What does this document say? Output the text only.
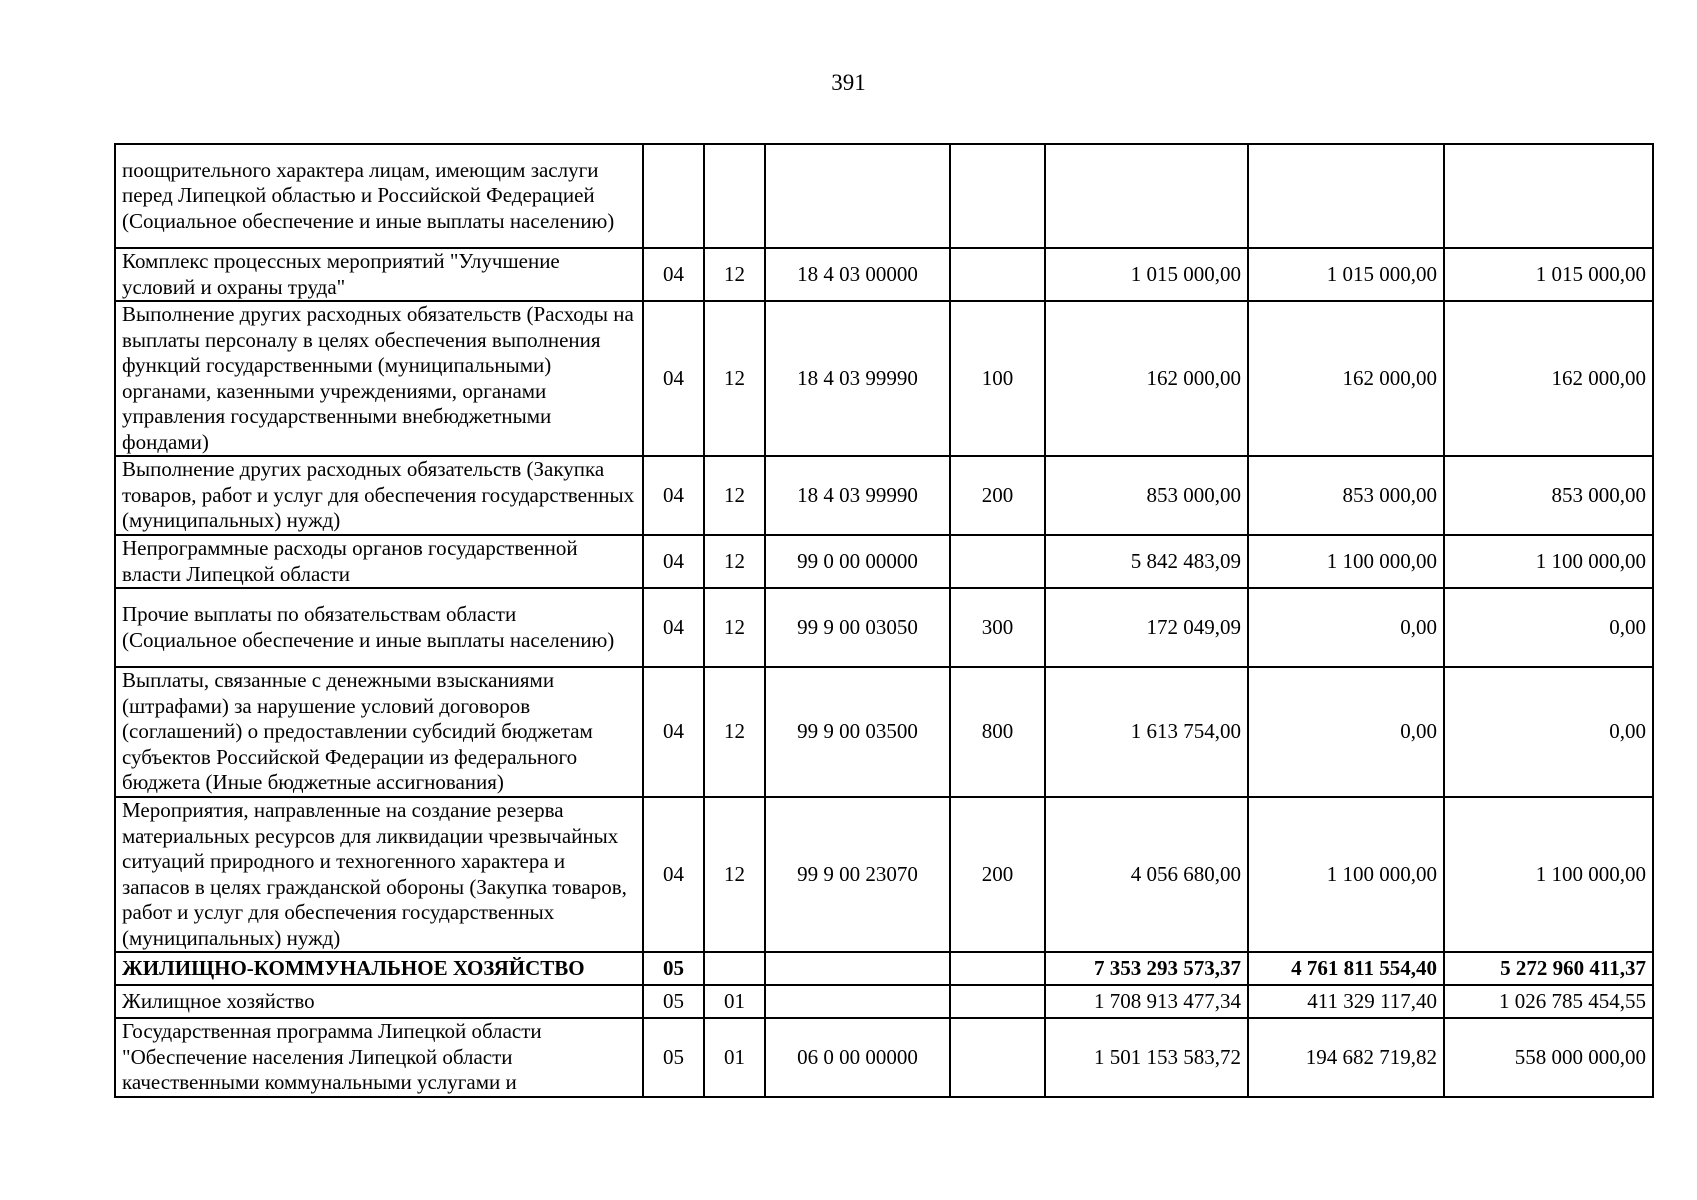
391
поощрительного характера лицам, имеющим заслуги перед Липецкой областью и Российской Федерацией (Социальное обеспечение и иные выплаты населению)							
Комплекс процессных мероприятий "Улучшение условий и охраны труда"	04	12	18 4 03 00000		1 015 000,00	1 015 000,00	1 015 000,00
Выполнение других расходных обязательств (Расходы на выплаты персоналу в целях обеспечения выполнения функций государственными (муниципальными) органами, казенными учреждениями, органами управления государственными внебюджетными фондами)	04	12	18 4 03 99990	100	162 000,00	162 000,00	162 000,00
Выполнение других расходных обязательств (Закупка товаров, работ и услуг для обеспечения государственных (муниципальных) нужд)	04	12	18 4 03 99990	200	853 000,00	853 000,00	853 000,00
Непрограммные расходы органов государственной власти Липецкой области	04	12	99 0 00 00000		5 842 483,09	1 100 000,00	1 100 000,00
Прочие выплаты по обязательствам области (Социальное обеспечение и иные выплаты населению)	04	12	99 9 00 03050	300	172 049,09	0,00	0,00
Выплаты, связанные с денежными взысканиями (штрафами) за нарушение условий договоров (соглашений) о предоставлении субсидий бюджетам субъектов Российской Федерации из федерального бюджета (Иные бюджетные ассигнования)	04	12	99 9 00 03500	800	1 613 754,00	0,00	0,00
Мероприятия, направленные на создание резерва материальных ресурсов для ликвидации чрезвычайных ситуаций природного и техногенного характера и запасов в целях гражданской обороны (Закупка товаров, работ и услуг для обеспечения государственных (муниципальных) нужд)	04	12	99 9 00 23070	200	4 056 680,00	1 100 000,00	1 100 000,00
ЖИЛИЩНО-КОММУНАЛЬНОЕ ХОЗЯЙСТВО	05				7 353 293 573,37	4 761 811 554,40	5 272 960 411,37
Жилищное хозяйство	05	01			1 708 913 477,34	411 329 117,40	1 026 785 454,55
Государственная программа Липецкой области "Обеспечение населения Липецкой области качественными коммунальными услугами и	05	01	06 0 00 00000		1 501 153 583,72	194 682 719,82	558 000 000,00
